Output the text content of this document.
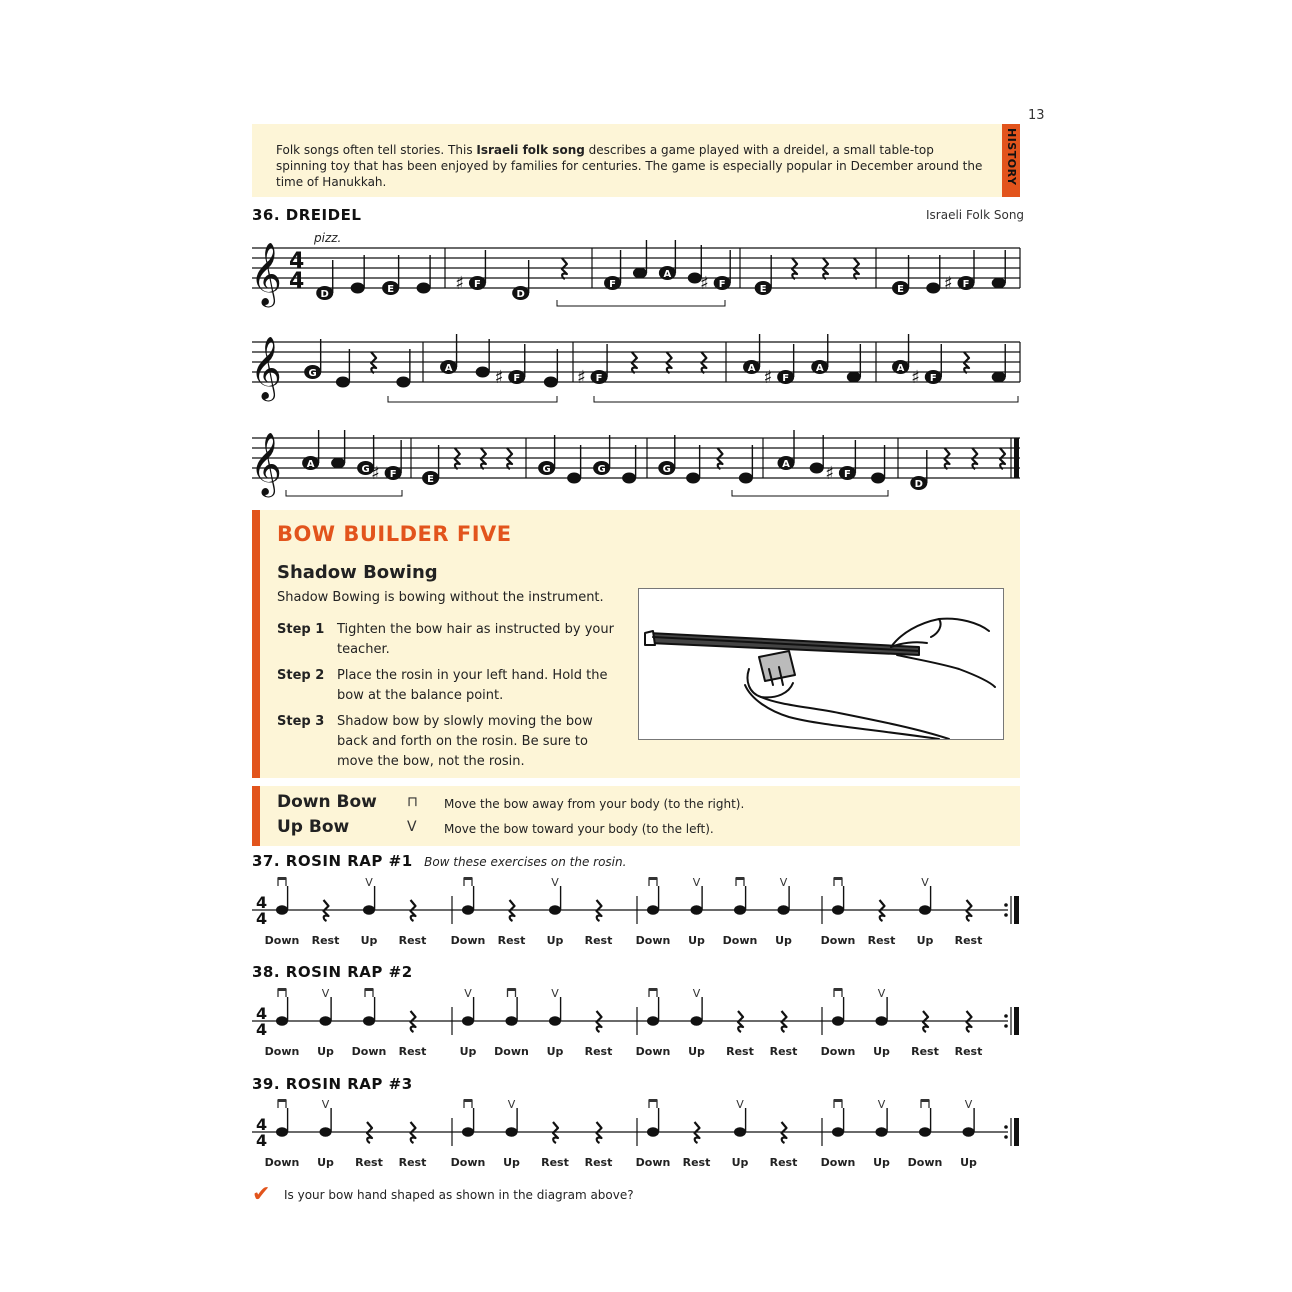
13
Folk songs often tell stories. This Israeli folk song describes a game played with a dreidel, a small table-top spinning toy that has been enjoyed by families for centuries. The game is especially popular in December around the time of Hanukkah.	HISTORY
36. DREIDEL	Israeli Folk Song
𝄞	D	E	♯ F
D
F
A ♯ F	E	E ♯ F
pizz.
4
4
𝄞	G	A ♯ F	♯ F
A ♯ F
A	A ♯ F
𝄞 A	G ♯ F	E
G	G	G	A ♯ F
D
BOW BUILDER FIVE
Shadow Bowing
Shadow Bowing is bowing without the instrument.
Step 1 Tighten the bow hair as instructed by your teacher.
Step 2 Place the rosin in your left hand. Hold the bow at the balance point.
Step 3 Shadow bow by slowly moving the bow back and forth on the rosin. Be sure to move the bow, not the rosin.
Down Bow ⊓ Move the bow away from your body (to the right).
Up Bow	V Move the bow toward your body (to the left).
37. ROSIN RAP #1 Bow these exercises on the rosin.
38. ROSIN RAP #2
39. ROSIN RAP #3
4
4
Down Rest Up
V
Rest Down Rest Up
V
Rest Down Up
V
Down Up
V
Down Rest Up
V
Rest
4
4
Down Up
V
Down Rest	Up
V
Down Up
V
Rest Down Up
V
Rest Rest Down Up
V
Rest Rest
4
4
Down Up
V
Rest Rest Down Up
V
Rest Rest Down Rest Up
V
Rest Down Up
V
Down Up
V
✔ Is your bow hand shaped as shown in the diagram above?
